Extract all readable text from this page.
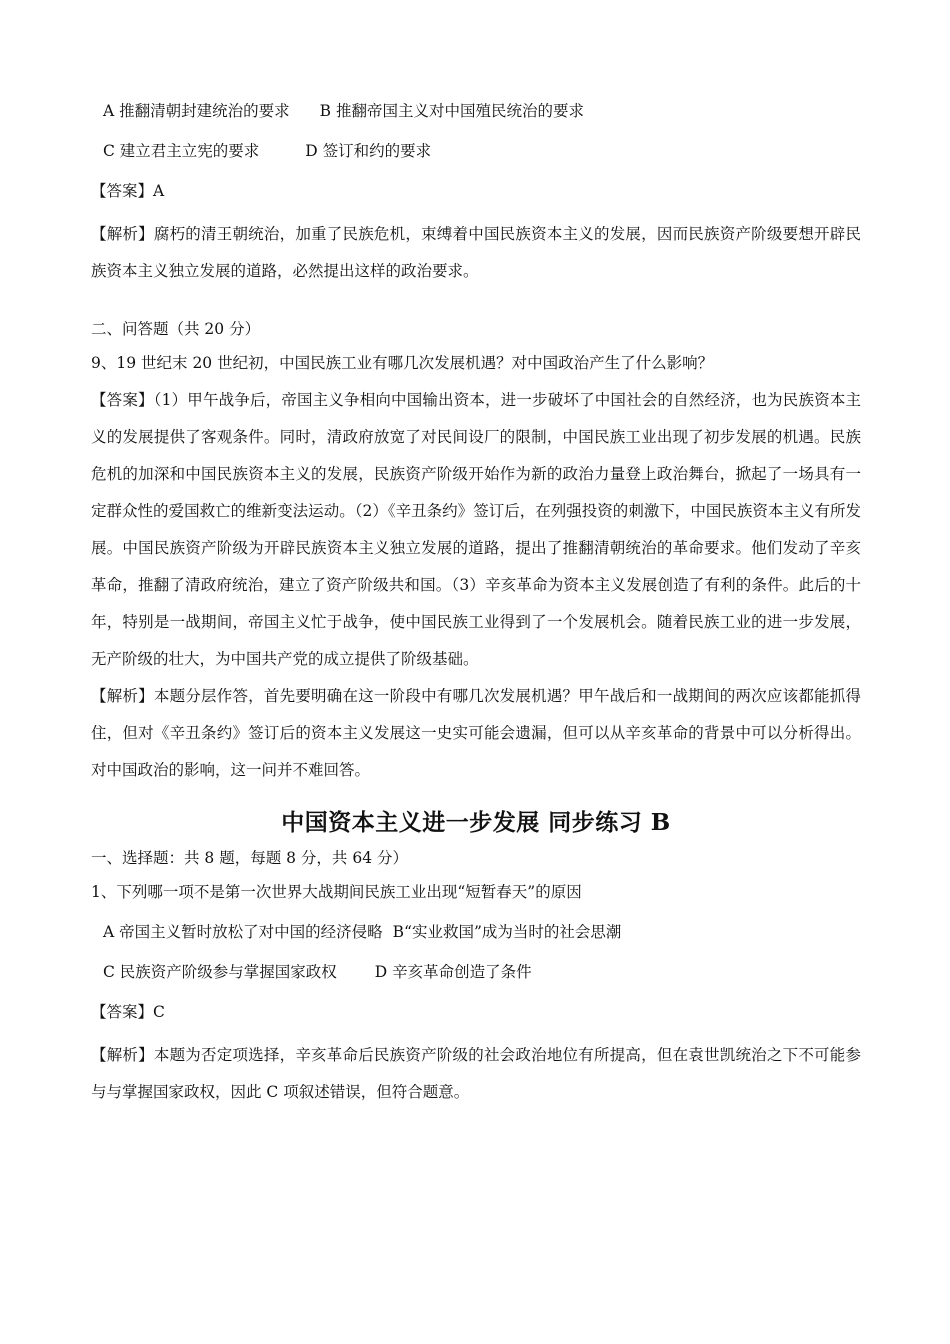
A 推翻清朝封建统治的要求 B 推翻帝国主义对中国殖民统治的要求

C 建立君主立宪的要求	D 签订和约的要求

【答案】A

【解析】腐朽的清王朝统治，加重了民族危机，束缚着中国民族资本主义的发展，因而民族资产阶级要想开辟民族资本主义独立发展的道路，必然提出这样的政治要求。

二、问答题（共 20 分）

9、19 世纪末 20 世纪初，中国民族工业有哪几次发展机遇？对中国政治产生了什么影响？

【答案】（1）甲午战争后，帝国主义争相向中国输出资本，进一步破坏了中国社会的自然经济，也为民族资本主义的发展提供了客观条件。同时，清政府放宽了对民间设厂的限制，中国民族工业出现了初步发展的机遇。民族危机的加深和中国民族资本主义的发展，民族资产阶级开始作为新的政治力量登上政治舞台，掀起了一场具有一定群众性的爱国救亡的维新变法运动。（2）《辛丑条约》签订后，在列强投资的刺激下，中国民族资本主义有所发展。中国民族资产阶级为开辟民族资本主义独立发展的道路，提出了推翻清朝统治的革命要求。他们发动了辛亥革命，推翻了清政府统治，建立了资产阶级共和国。（3）辛亥革命为资本主义发展创造了有利的条件。此后的十年，特别是一战期间，帝国主义忙于战争，使中国民族工业得到了一个发展机会。随着民族工业的进一步发展，无产阶级的壮大，为中国共产党的成立提供了阶级基础。

【解析】本题分层作答，首先要明确在这一阶段中有哪几次发展机遇？甲午战后和一战期间的两次应该都能抓得住，但对《辛丑条约》签订后的资本主义发展这一史实可能会遗漏，但可以从辛亥革命的背景中可以分析得出。对中国政治的影响，这一问并不难回答。

中国资本主义进一步发展 同步练习 B

一、选择题：共 8 题，每题 8 分，共 64 分）

1、下列哪一项不是第一次世界大战期间民族工业出现“短暂春天”的原因

A 帝国主义暂时放松了对中国的经济侵略 B“实业救国”成为当时的社会思潮

C 民族资产阶级参与掌握国家政权 D 辛亥革命创造了条件

【答案】C

【解析】本题为否定项选择，辛亥革命后民族资产阶级的社会政治地位有所提高，但在袁世凯统治之下不可能参与与掌握国家政权，因此 C 项叙述错误，但符合题意。
